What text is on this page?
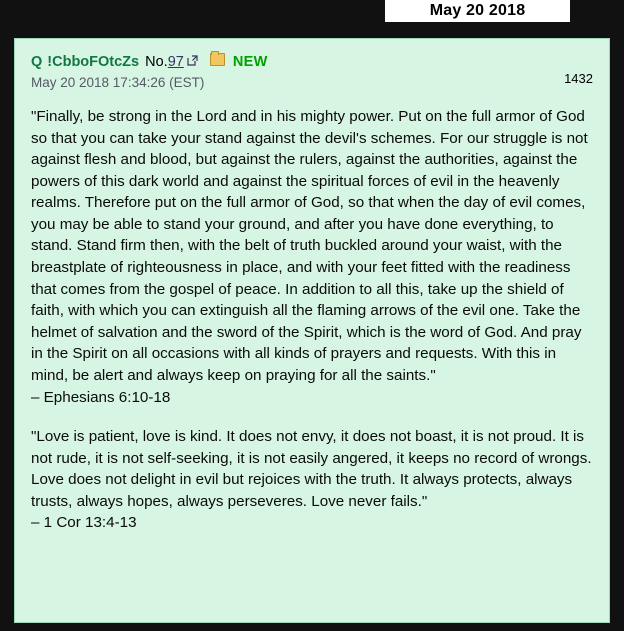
May 20 2018
Q !CbboFOtcZs No.97	NEW
1432
May 20 2018 17:34:26 (EST)

"Finally, be strong in the Lord and in his mighty power. Put on the full armor of God so that you can take your stand against the devil's schemes. For our struggle is not against flesh and blood, but against the rulers, against the authorities, against the powers of this dark world and against the spiritual forces of evil in the heavenly realms. Therefore put on the full armor of God, so that when the day of evil comes, you may be able to stand your ground, and after you have done everything, to stand. Stand firm then, with the belt of truth buckled around your waist, with the breastplate of righteousness in place, and with your feet fitted with the readiness that comes from the gospel of peace. In addition to all this, take up the shield of faith, with which you can extinguish all the flaming arrows of the evil one. Take the helmet of salvation and the sword of the Spirit, which is the word of God. And pray in the Spirit on all occasions with all kinds of prayers and requests. With this in mind, be alert and always keep on praying for all the saints."

– Ephesians 6:10-18

"Love is patient, love is kind. It does not envy, it does not boast, it is not proud. It is not rude, it is not self-seeking, it is not easily angered, it keeps no record of wrongs. Love does not delight in evil but rejoices with the truth. It always protects, always trusts, always hopes, always perseveres. Love never fails."

– 1 Cor 13:4-13
